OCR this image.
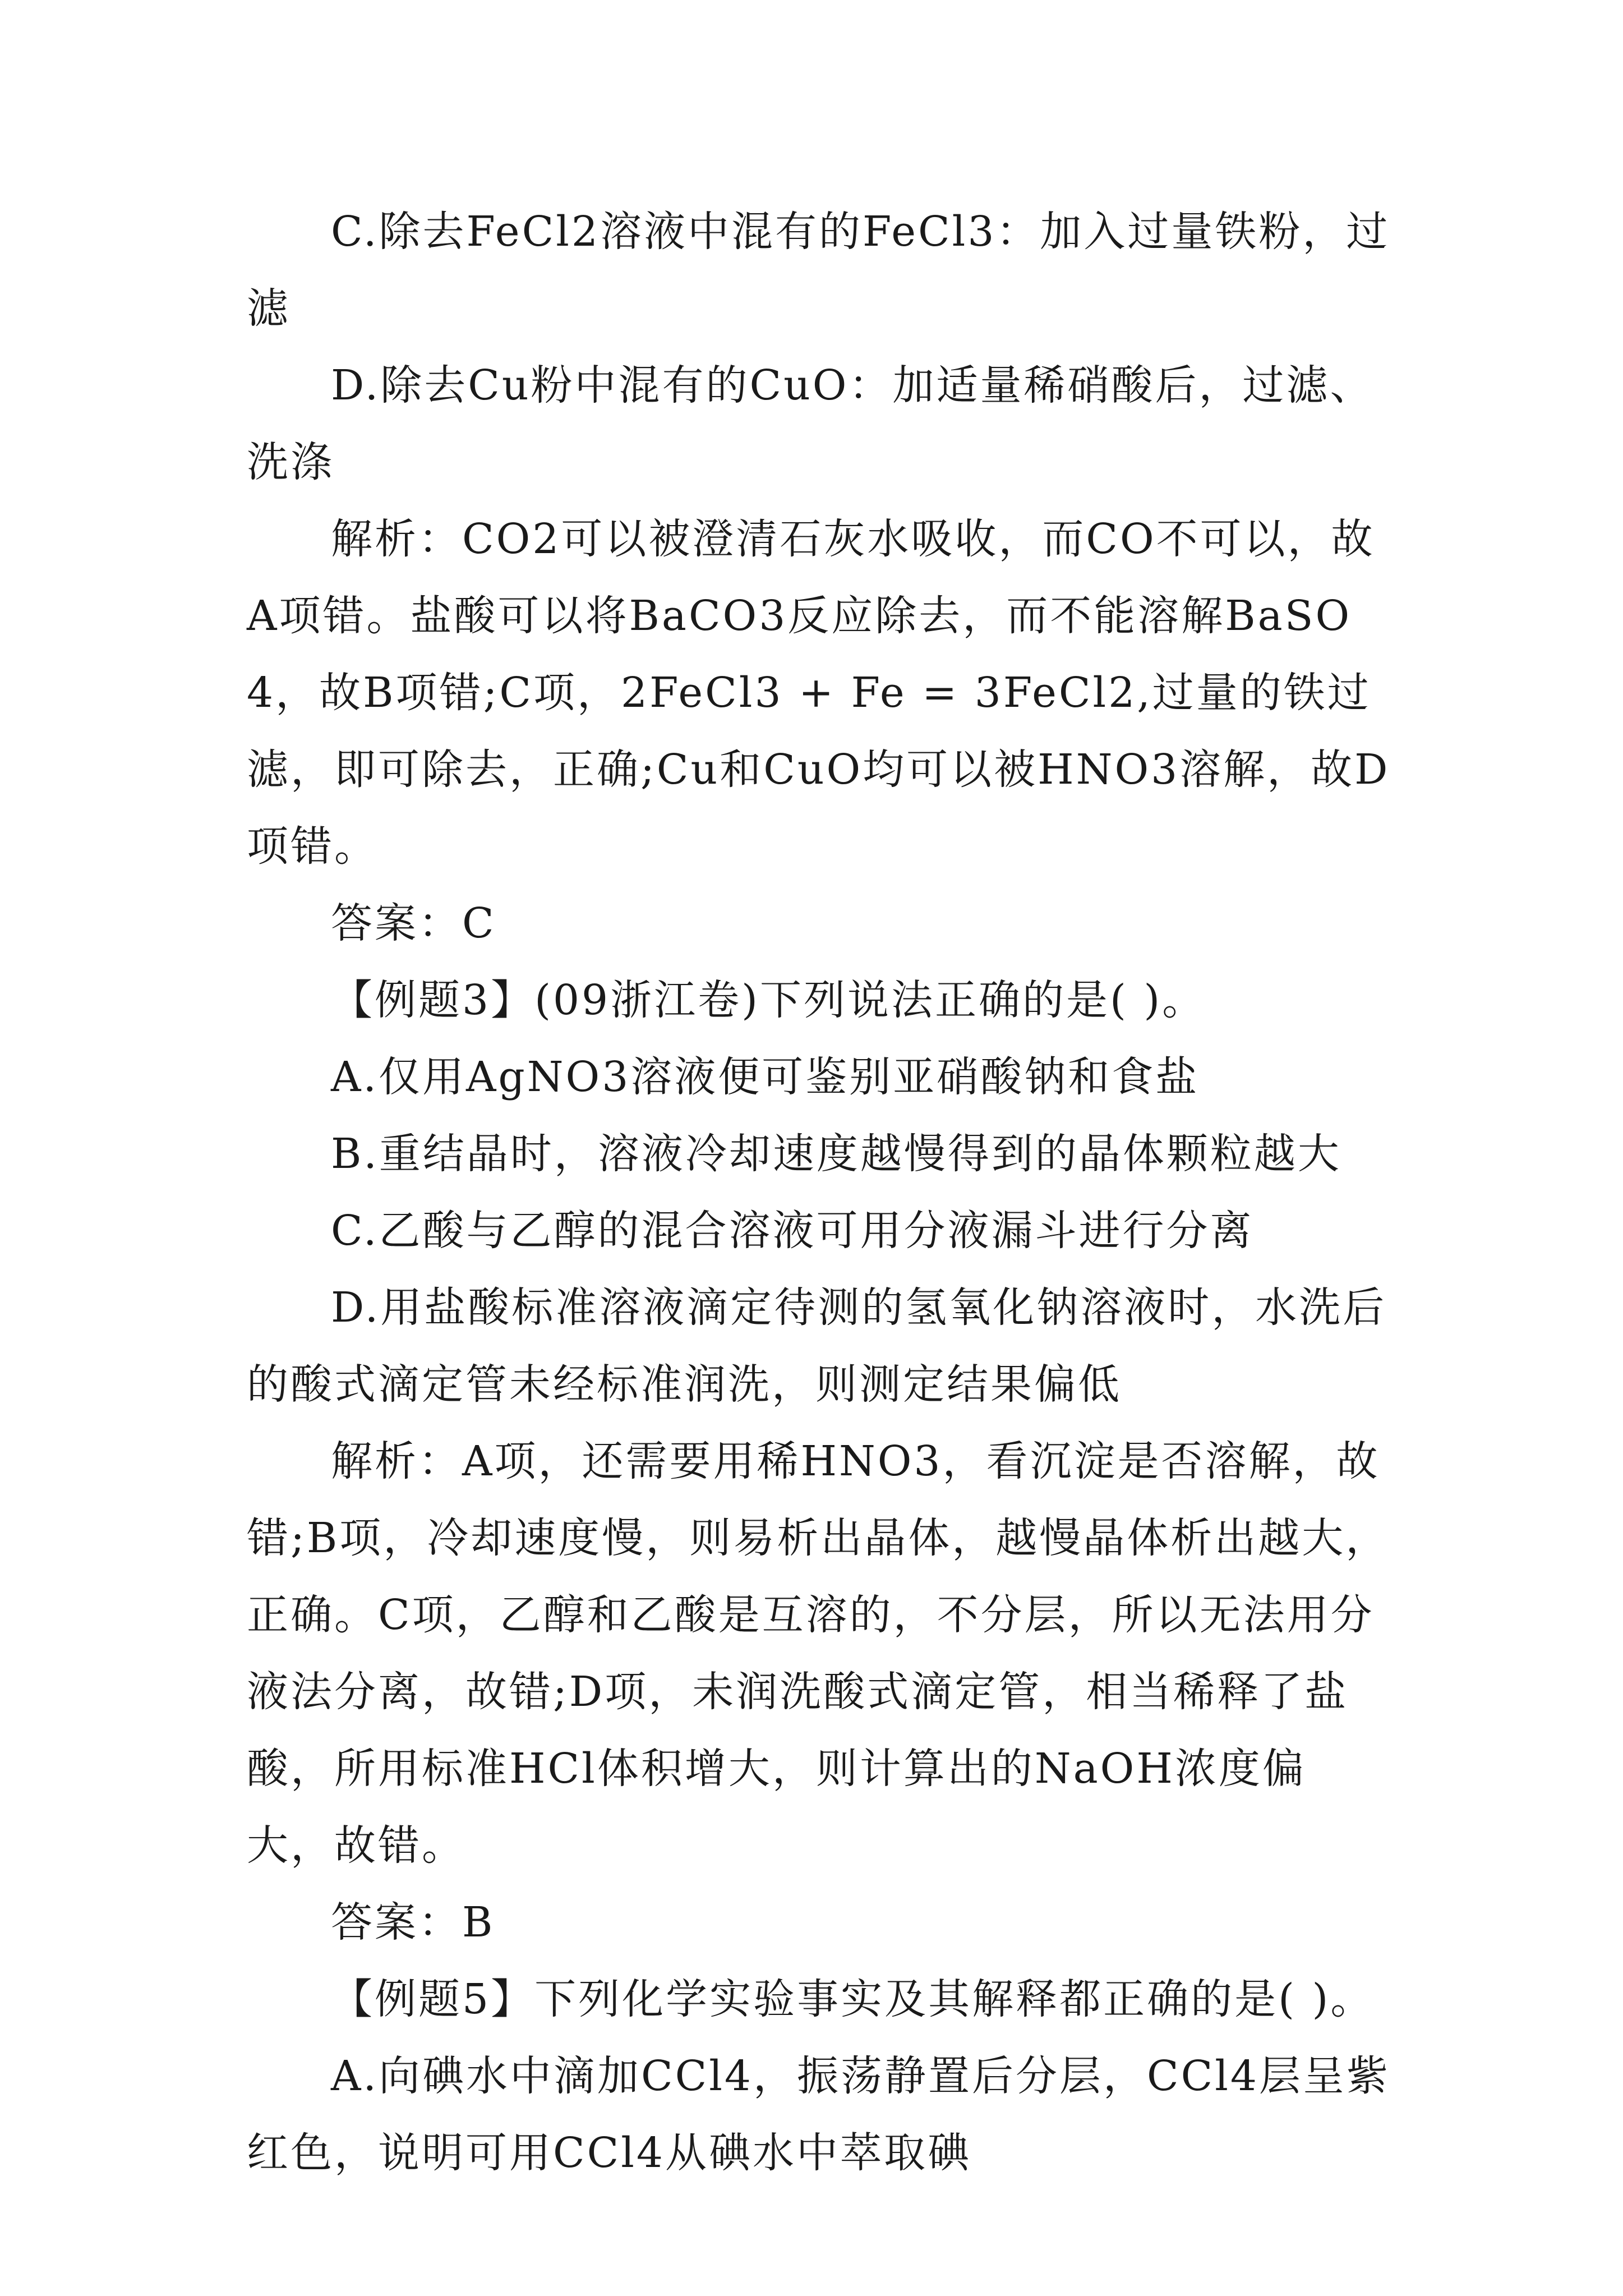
C.除去FeCl2溶液中混有的FeCl3：加入过量铁粉，过滤

D.除去Cu粉中混有的CuO：加适量稀硝酸后，过滤、洗涤

解析：CO2可以被澄清石灰水吸收，而CO不可以，故A项错。盐酸可以将BaCO3反应除去，而不能溶解BaSO4，故B项错;C项，2FeCl3 + Fe = 3FeCl2,过量的铁过滤，即可除去，正确;Cu和CuO均可以被HNO3溶解，故D项错。

答案：C

【例题3】(09浙江卷)下列说法正确的是( )。

A.仅用AgNO3溶液便可鉴别亚硝酸钠和食盐

B.重结晶时，溶液冷却速度越慢得到的晶体颗粒越大

C.乙酸与乙醇的混合溶液可用分液漏斗进行分离

D.用盐酸标准溶液滴定待测的氢氧化钠溶液时，水洗后的酸式滴定管未经标准润洗，则测定结果偏低

解析：A项，还需要用稀HNO3，看沉淀是否溶解，故错;B项，冷却速度慢，则易析出晶体，越慢晶体析出越大，正确。C项，乙醇和乙酸是互溶的，不分层，所以无法用分液法分离，故错;D项，未润洗酸式滴定管，相当稀释了盐酸，所用标准HCl体积增大，则计算出的NaOH浓度偏大，故错。

答案：B

【例题5】下列化学实验事实及其解释都正确的是( )。

A.向碘水中滴加CCl4，振荡静置后分层，CCl4层呈紫红色，说明可用CCl4从碘水中萃取碘
